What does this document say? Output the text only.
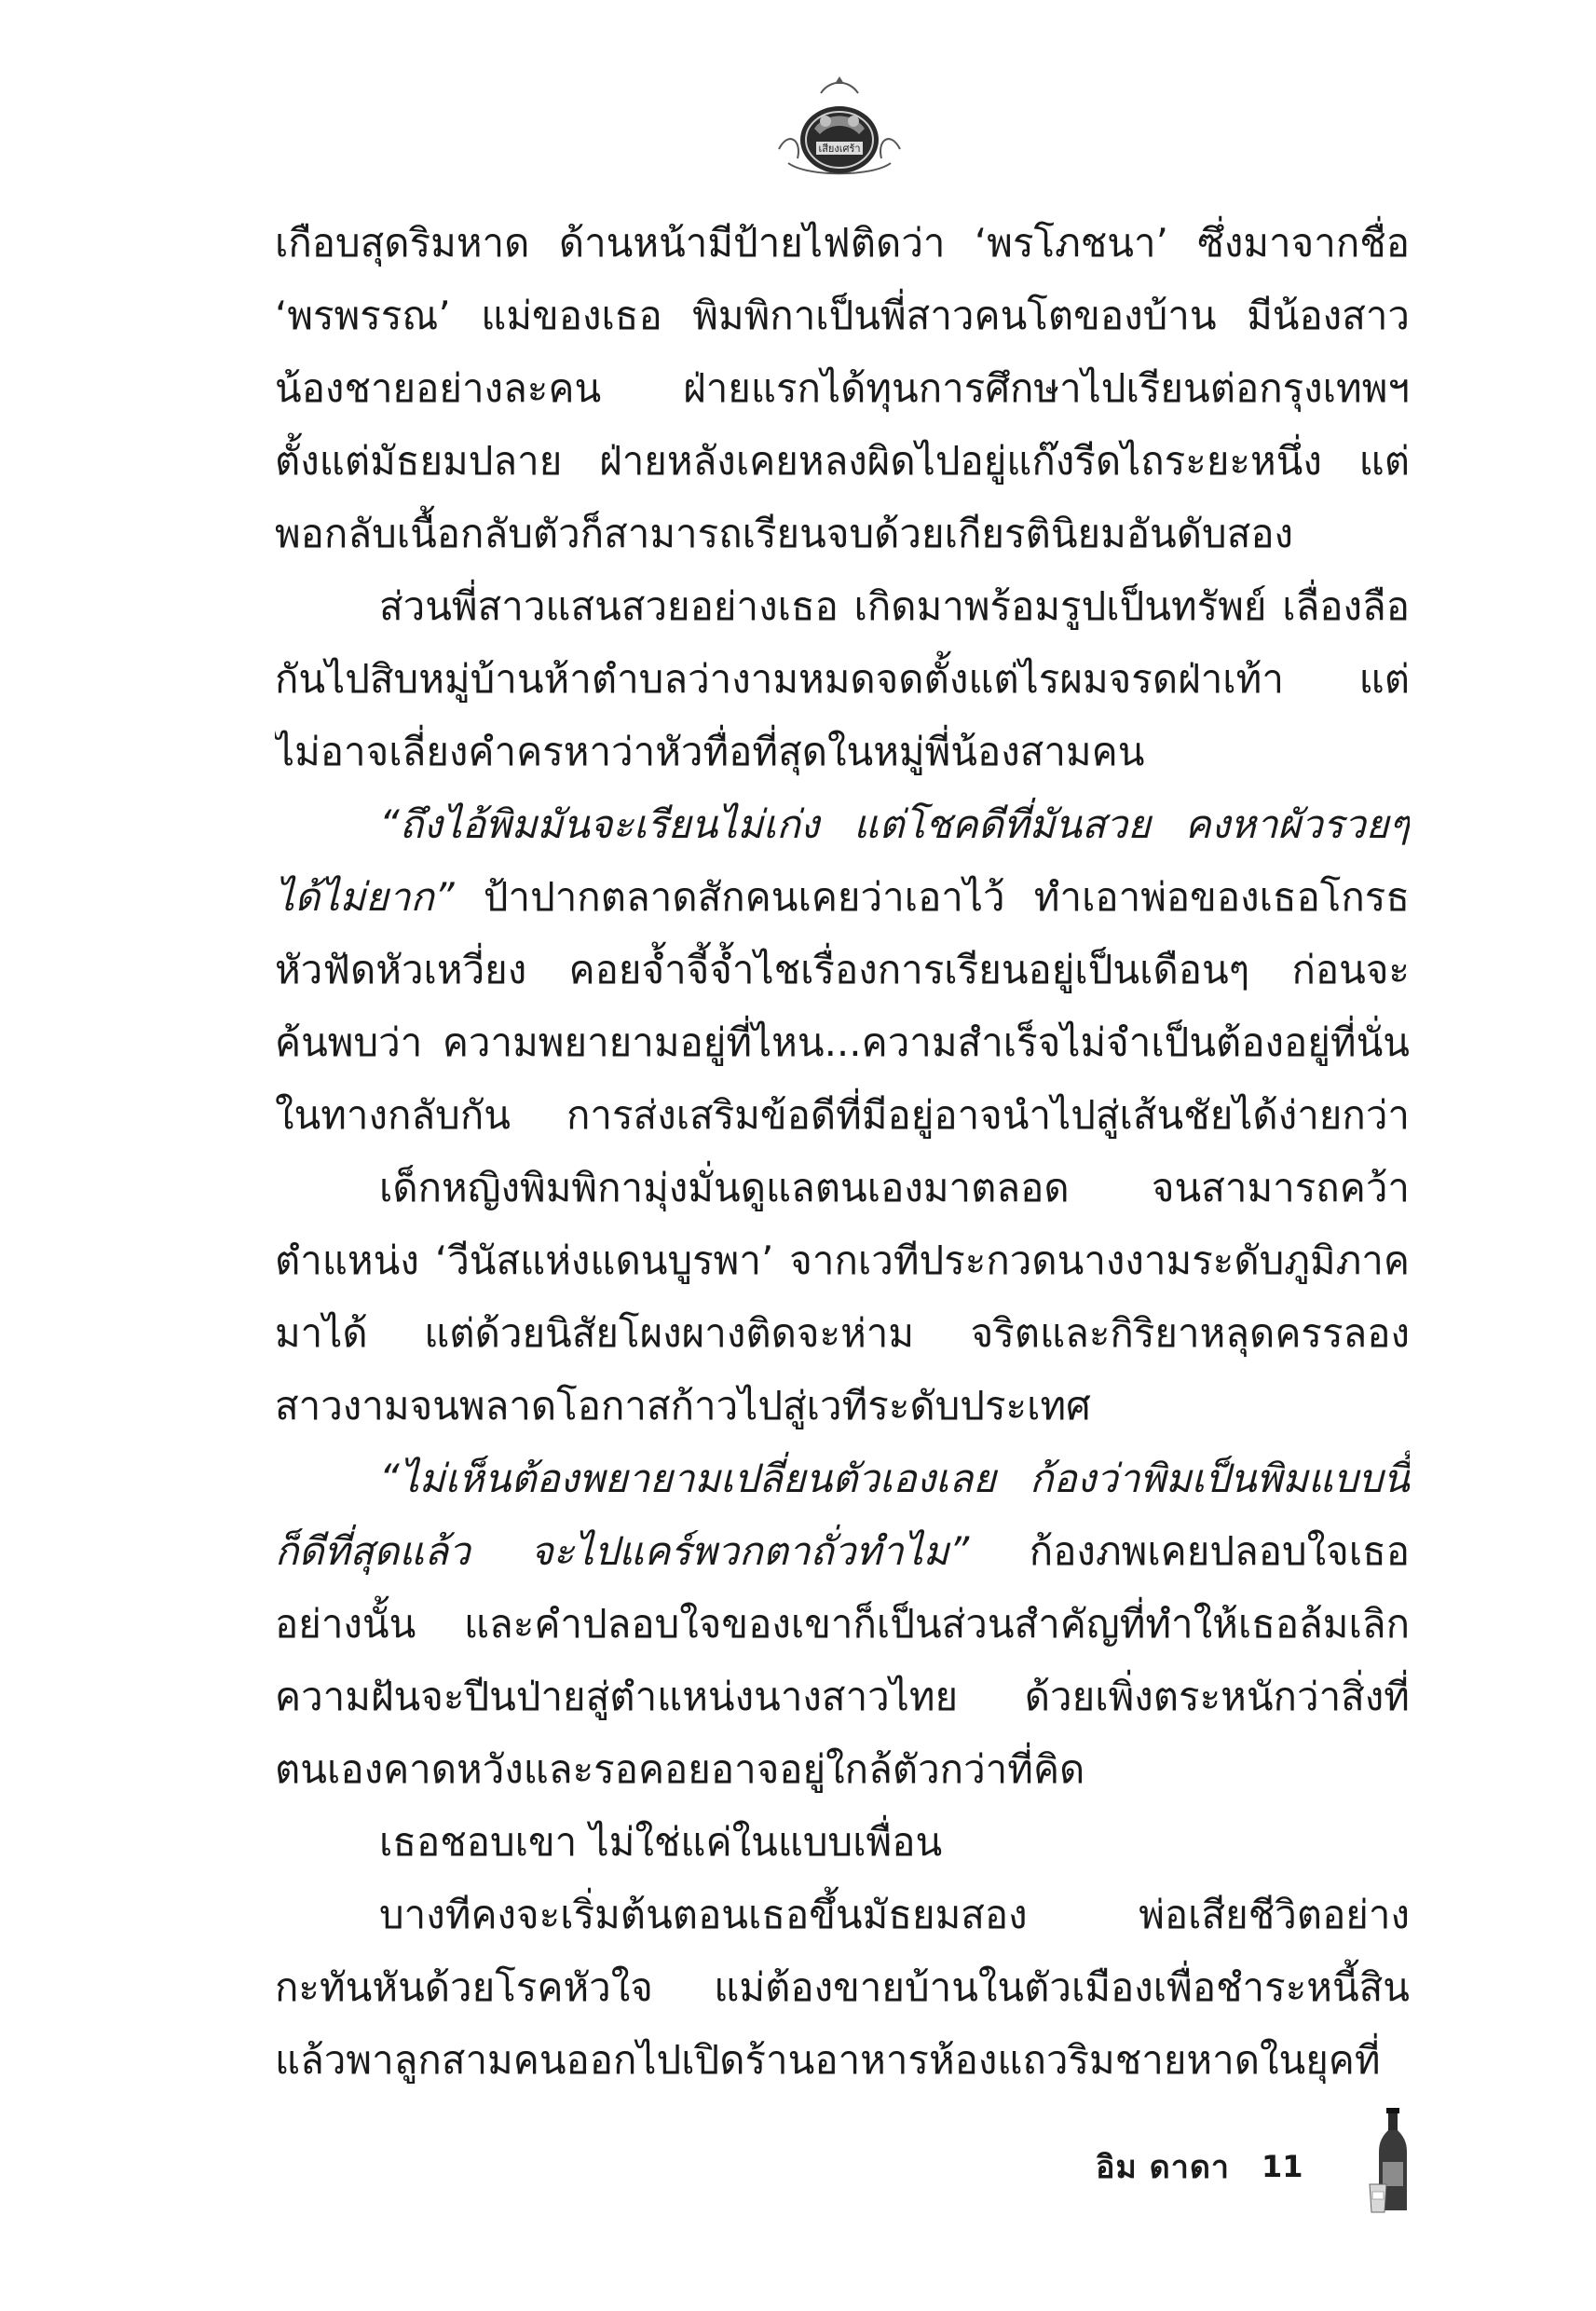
เสียงเศร้า
เกือบสุดริมหาด ด้านหน้ามีป้ายไฟติดว่า ‘พรโภชนา’ ซึ่งมาจากชื่อ
‘พรพรรณ’ แม่ของเธอ พิมพิกาเป็นพี่สาวคนโตของบ้าน มีน้องสาว
น้องชายอย่างละคน ฝ่ายแรกได้ทุนการศึกษาไปเรียนต่อกรุงเทพฯ
ตั้งแต่มัธยมปลาย ฝ่ายหลังเคยหลงผิดไปอยู่แก๊งรีดไถระยะหนึ่ง แต่
พอกลับเนื้อกลับตัวก็สามารถเรียนจบด้วยเกียรตินิยมอันดับสอง
ส่วนพี่สาวแสนสวยอย่างเธอ เกิดมาพร้อมรูปเป็นทรัพย์ เลื่องลือ
กันไปสิบหมู่บ้านห้าตำบลว่างามหมดจดตั้งแต่ไรผมจรดฝ่าเท้า แต่
ไม่อาจเลี่ยงคำครหาว่าหัวทื่อที่สุดในหมู่พี่น้องสามคน
“ถึงไอ้พิมมันจะเรียนไม่เก่ง แต่โชคดีที่มันสวย คงหาผัวรวยๆ
ได้ไม่ยาก” ป้าปากตลาดสักคนเคยว่าเอาไว้ ทำเอาพ่อของเธอโกรธ
หัวฟัดหัวเหวี่ยง คอยจ้ำจี้จ้ำไชเรื่องการเรียนอยู่เป็นเดือนๆ ก่อนจะ
ค้นพบว่า ความพยายามอยู่ที่ไหน...ความสำเร็จไม่จำเป็นต้องอยู่ที่นั่น
ในทางกลับกัน การส่งเสริมข้อดีที่มีอยู่อาจนำไปสู่เส้นชัยได้ง่ายกว่า
เด็กหญิงพิมพิกามุ่งมั่นดูแลตนเองมาตลอด จนสามารถคว้า
ตำแหน่ง ‘วีนัสแห่งแดนบูรพา’ จากเวทีประกวดนางงามระดับภูมิภาค
มาได้ แต่ด้วยนิสัยโผงผางติดจะห่าม จริตและกิริยาหลุดครรลอง
สาวงามจนพลาดโอกาสก้าวไปสู่เวทีระดับประเทศ
“ไม่เห็นต้องพยายามเปลี่ยนตัวเองเลย ก้องว่าพิมเป็นพิมแบบนี้
ก็ดีที่สุดแล้ว จะไปแคร์พวกตาถั่วทำไม” ก้องภพเคยปลอบใจเธอ
อย่างนั้น และคำปลอบใจของเขาก็เป็นส่วนสำคัญที่ทำให้เธอล้มเลิก
ความฝันจะปีนป่ายสู่ตำแหน่งนางสาวไทย ด้วยเพิ่งตระหนักว่าสิ่งที่
ตนเองคาดหวังและรอคอยอาจอยู่ใกล้ตัวกว่าที่คิด
เธอชอบเขา ไม่ใช่แค่ในแบบเพื่อน
บางทีคงจะเริ่มต้นตอนเธอขึ้นมัธยมสอง พ่อเสียชีวิตอย่าง
กะทันหันด้วยโรคหัวใจ แม่ต้องขายบ้านในตัวเมืองเพื่อชำระหนี้สิน
แล้วพาลูกสามคนออกไปเปิดร้านอาหารห้องแถวริมชายหาดในยุคที่
อิม ดาดา 11
